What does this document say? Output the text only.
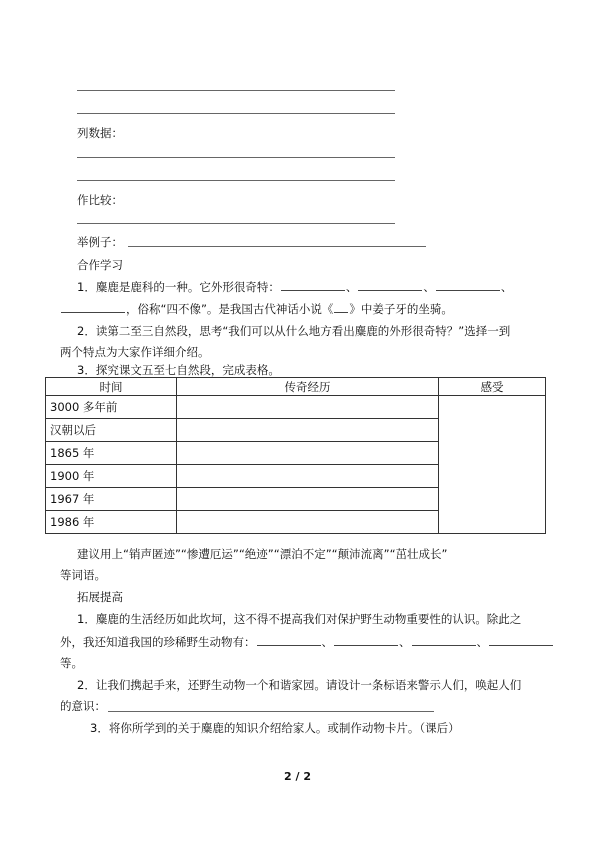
列数据：
作比较：
举例子：
合作学习
1．麋鹿是鹿科的一种。它外形很奇特：	、	、	、
，俗称“四不像”。是我国古代神话小说《 》中姜子牙的坐骑。
2．读第二至三自然段，思考“我们可以从什么地方看出麋鹿的外形很奇特？”选择一到
两个特点为大家作详细介绍。
3．探究课文五至七自然段，完成表格。
时间	传奇经历	感受
3000 多年前		
汉朝以后		
1865 年		
1900 年		
1967 年		
1986 年		
建议用上“销声匿迹”“惨遭厄运”“绝迹”“漂泊不定”“颠沛流离”“茁壮成长”
等词语。
拓展提高
1．麋鹿的生活经历如此坎坷，这不得不提高我们对保护野生动物重要性的认识。除此之
外，我还知道我国的珍稀野生动物有：	、	、	、
等。
2．让我们携起手来，还野生动物一个和谐家园。请设计一条标语来警示人们，唤起人们
的意识：
3．将你所学到的关于麋鹿的知识介绍给家人。或制作动物卡片。（课后）
2 / 2
